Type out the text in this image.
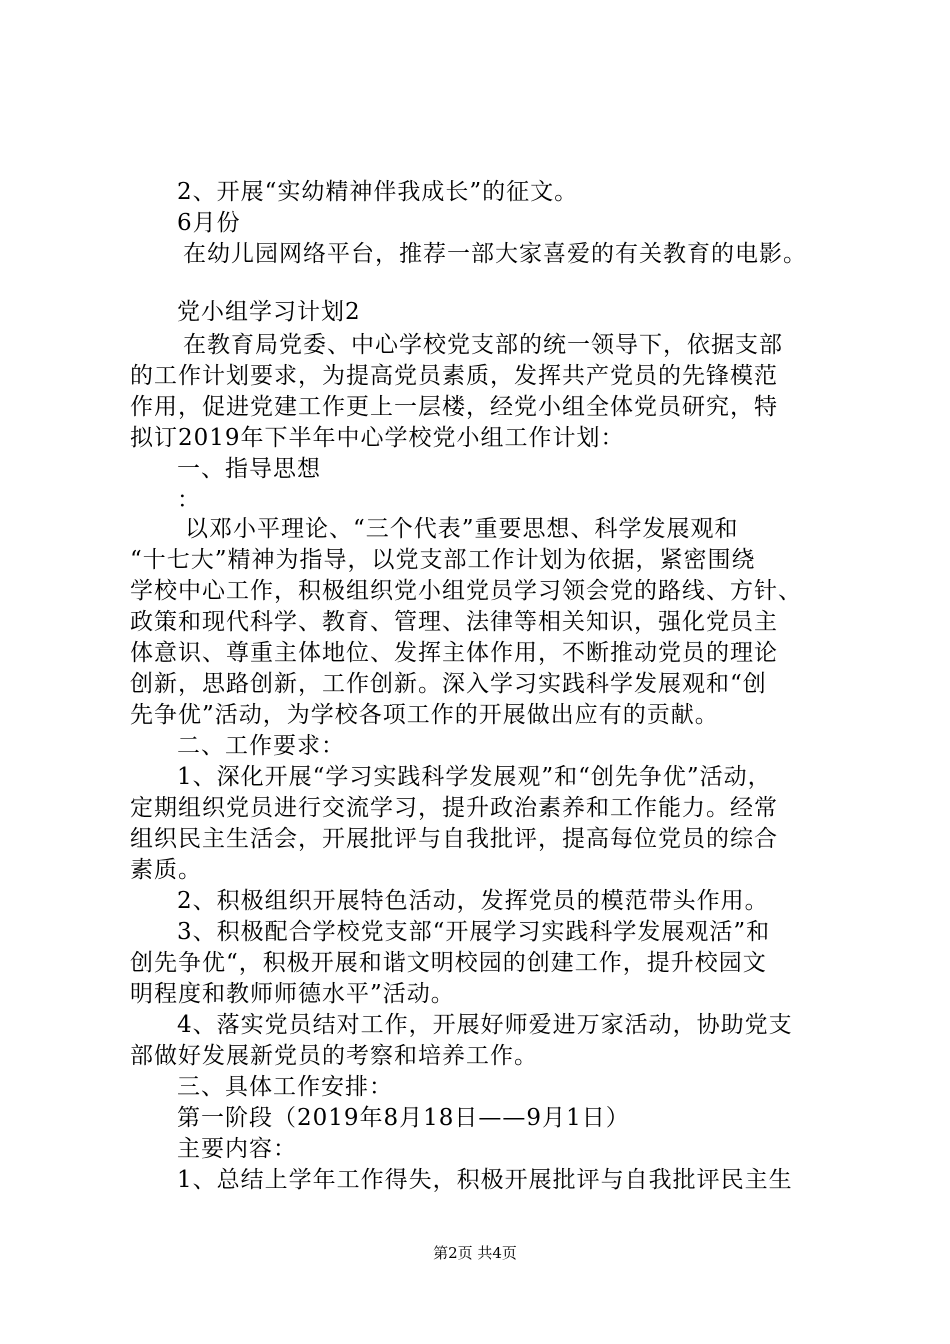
2、开展“实幼精神伴我成长”的征文。
6月份
在幼儿园网络平台，推荐一部大家喜爱的有关教育的电影。
党小组学习计划2
在教育局党委、中心学校党支部的统一领导下，依据支部
的工作计划要求，为提高党员素质，发挥共产党员的先锋模范
作用，促进党建工作更上一层楼，经党小组全体党员研究，特
拟订2019年下半年中心学校党小组工作计划：
一、指导思想
：
以邓小平理论、“三个代表”重要思想、科学发展观和
“十七大”精神为指导，以党支部工作计划为依据，紧密围绕
学校中心工作，积极组织党小组党员学习领会党的路线、方针、
政策和现代科学、教育、管理、法律等相关知识，强化党员主
体意识、尊重主体地位、发挥主体作用，不断推动党员的理论
创新，思路创新，工作创新。深入学习实践科学发展观和“创
先争优”活动，为学校各项工作的开展做出应有的贡献。
二、工作要求：
1、深化开展“学习实践科学发展观”和“创先争优”活动，
定期组织党员进行交流学习，提升政治素养和工作能力。经常
组织民主生活会，开展批评与自我批评，提高每位党员的综合
素质。
2、积极组织开展特色活动，发挥党员的模范带头作用。
3、积极配合学校党支部“开展学习实践科学发展观活”和
创先争优“，积极开展和谐文明校园的创建工作，提升校园文
明程度和教师师德水平”活动。
4、落实党员结对工作，开展好师爱进万家活动，协助党支
部做好发展新党员的考察和培养工作。
三、具体工作安排：
第一阶段（2019年8月18日——9月1日）
主要内容：
1、总结上学年工作得失，积极开展批评与自我批评民主生
第2页 共4页
